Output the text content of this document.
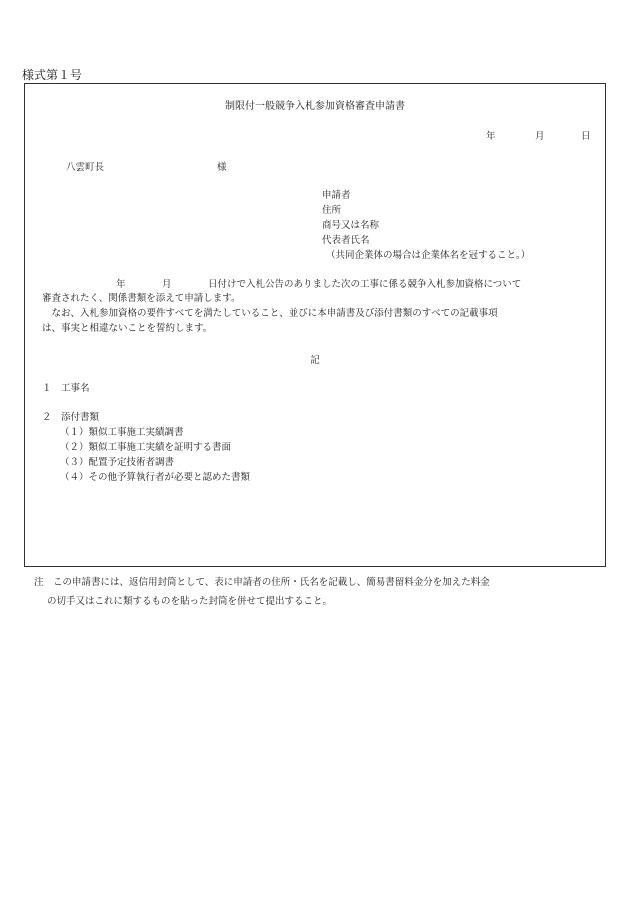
様式第１号
制限付一般競争入札参加資格審査申請書
年	月	日
八雲町長	様
申請者
住所
商号又は名称
代表者氏名
（共同企業体の場合は企業体名を冠すること。）
年	月	日付けで入札公告のありました次の工事に係る競争入札参加資格について
審査されたく、関係書類を添えて申請します。
　なお、入札参加資格の要件すべてを満たしていること、並びに本申請書及び添付書類のすべての記載事項
は、事実と相違ないことを誓約します。
記
１　工事名
２　添付書類
（１）類似工事施工実績調書
（２）類似工事施工実績を証明する書面
（３）配置予定技術者調書
（４）その他予算執行者が必要と認めた書類
注　この申請書には、返信用封筒として、表に申請者の住所・氏名を記載し、簡易書留料金分を加えた料金
の切手又はこれに類するものを貼った封筒を併せて提出すること。
